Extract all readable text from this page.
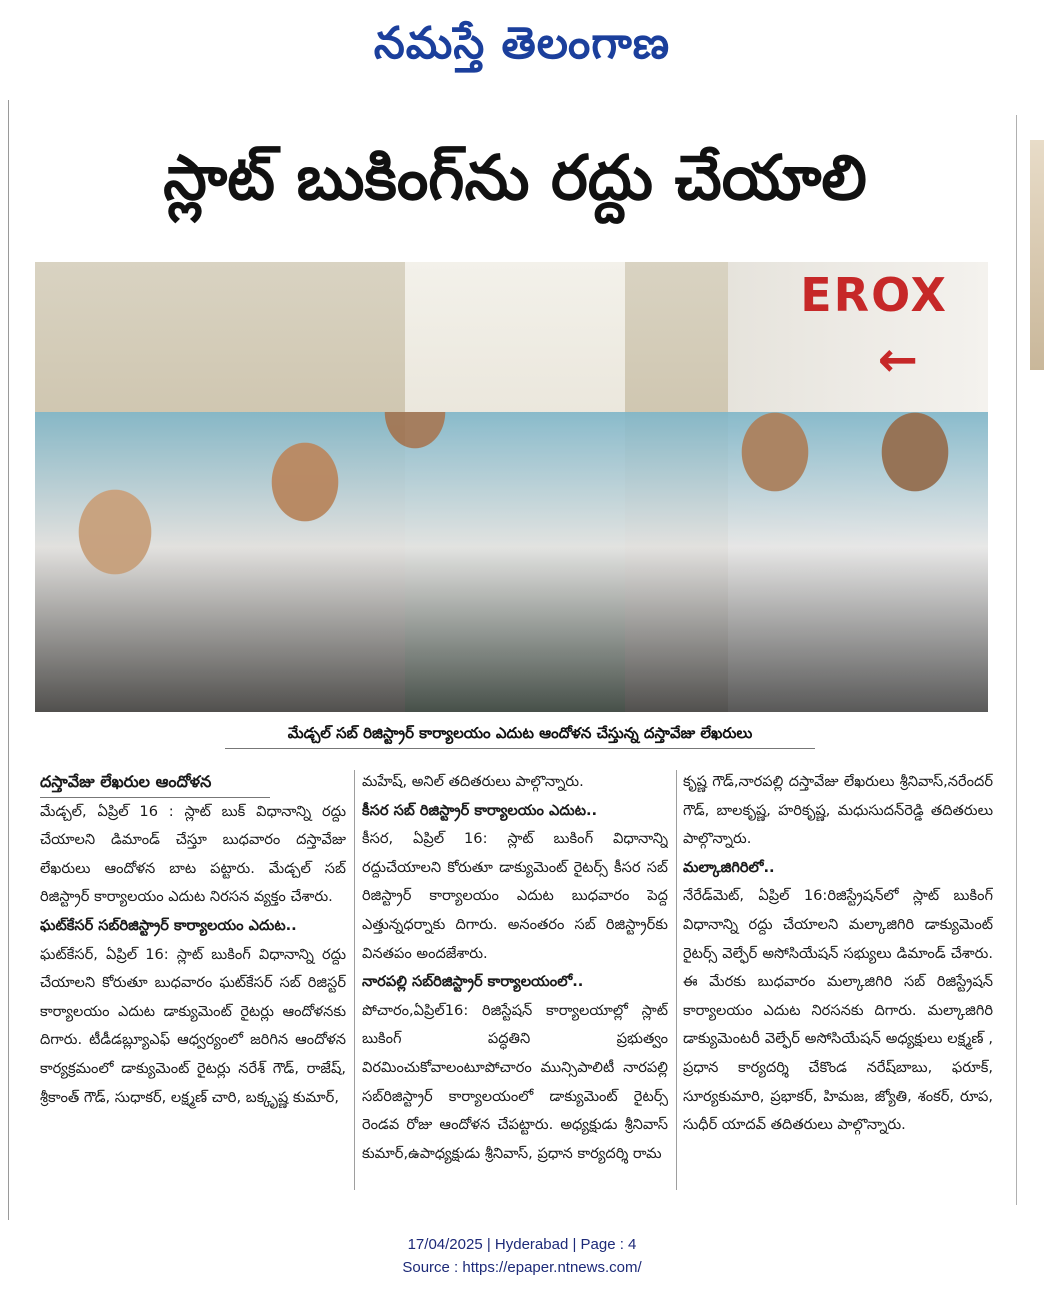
నమస్తే తెలంగాణ
స్లాట్ బుకింగ్‌ను రద్దు చేయాలి
EROX
←
మేడ్చల్ సబ్ రిజిస్ట్రార్ కార్యాలయం ఎదుట ఆందోళన చేస్తున్న దస్తావేజు లేఖరులు

దస్తావేజు లేఖరుల ఆందోళన

మేడ్చల్, ఏప్రిల్ 16 : స్లాట్ బుక్ విధానాన్ని రద్దు చేయాలని డిమాండ్ చేస్తూ బుధవారం దస్తావేజు లేఖరులు ఆందోళన బాట పట్టారు. మేడ్చల్ సబ్ రిజిస్ట్రార్ కార్యాలయం ఎదుట నిరసన వ్యక్తం చేశారు.

ఘట్‌కేసర్ సబ్‌రిజిస్ట్రార్ కార్యాలయం ఎదుట..

ఘట్‌కేసర్, ఏప్రిల్ 16: స్లాట్ బుకింగ్ విధానాన్ని రద్దు చేయాలని కోరుతూ బుధవారం ఘట్‌కేసర్ సబ్ రిజిస్టర్ కార్యాలయం ఎదుట డాక్యుమెంట్ రైటర్లు ఆందోళనకు దిగారు. టీడీడబ్ల్యూఎఫ్ ఆధ్వర్యంలో జరిగిన ఆందోళన కార్యక్రమంలో డాక్యుమెంట్ రైటర్లు నరేశ్ గౌడ్, రాజేష్, శ్రీకాంత్ గౌడ్, సుధాకర్, లక్ష్మణ్ చారి, బక్కృష్ణ కుమార్,

మహేష్, అనిల్ తదితరులు పాల్గొన్నారు.

కీసర సబ్ రిజిస్ట్రార్ కార్యాలయం ఎదుట..

కీసర, ఏప్రిల్ 16: స్లాట్ బుకింగ్ విధానాన్ని రద్దుచేయాలని కోరుతూ డాక్యుమెంట్ రైటర్స్ కీసర సబ్ రిజిస్ట్రార్ కార్యాలయం ఎదుట బుధవారం పెద్ద ఎత్తున్నధర్నాకు దిగారు. అనంతరం సబ్ రిజిస్ట్రార్‌కు వినతపం అందజేశారు.

నారపల్లి సబ్‌రిజిస్ట్రార్ కార్యాలయంలో..

పోచారం,ఏప్రిల్16: రిజిస్టేషన్ కార్యాలయాల్లో స్లాట్ బుకింగ్ పద్ధతిని ప్రభుత్వం విరమించుకోవాలంటూపోచారం మున్సిపాలిటీ నారపల్లి సబ్‌రిజిస్ట్రార్ కార్యాలయంలో డాక్యుమెంట్ రైటర్స్ రెండవ రోజు ఆందోళన చేపట్టారు. అధ్యక్షుడు శ్రీనివాస్ కుమార్,ఉపాధ్యక్షుడు శ్రీనివాస్, ప్రధాన కార్యదర్శి రామ

కృష్ణ గౌడ్,నారపల్లి దస్తావేజు లేఖరులు శ్రీనివాస్,నరేందర్ గౌడ్, బాలకృష్ణ, హరికృష్ణ, మధుసుదన్‌రెడ్డి తదితరులు పాల్గొన్నారు.

మల్కాజిగిరిలో..

నేరేడ్‌మెట్, ఏప్రిల్ 16:రిజిస్ట్రేషన్‌లో స్లాట్ బుకింగ్ విధానాన్ని రద్దు చేయాలని మల్కాజిగిరి డాక్యుమెంట్ రైటర్స్ వెల్ఫేర్ అసోసియేషన్ సభ్యులు డిమాండ్ చేశారు. ఈ మేరకు బుధవారం మల్కాజిగిరి సబ్ రిజిస్ట్రేషన్ కార్యాలయం ఎదుట నిరసనకు దిగారు. మల్కాజిగిరి డాక్యుమెంటరీ వెల్ఫేర్ అసోసియేషన్ అధ్యక్షులు లక్ష్మణ్ , ప్రధాన కార్యదర్శి చేకొండ నరేష్‌బాబు, ఫరూక్, సూర్యకుమారి, ప్రభాకర్, హిమజ, జ్యోతి, శంకర్, రూప, సుధీర్ యాదవ్ తదితరులు పాల్గొన్నారు.

17/04/2025 | Hyderabad | Page : 4
Source : https://epaper.ntnews.com/
